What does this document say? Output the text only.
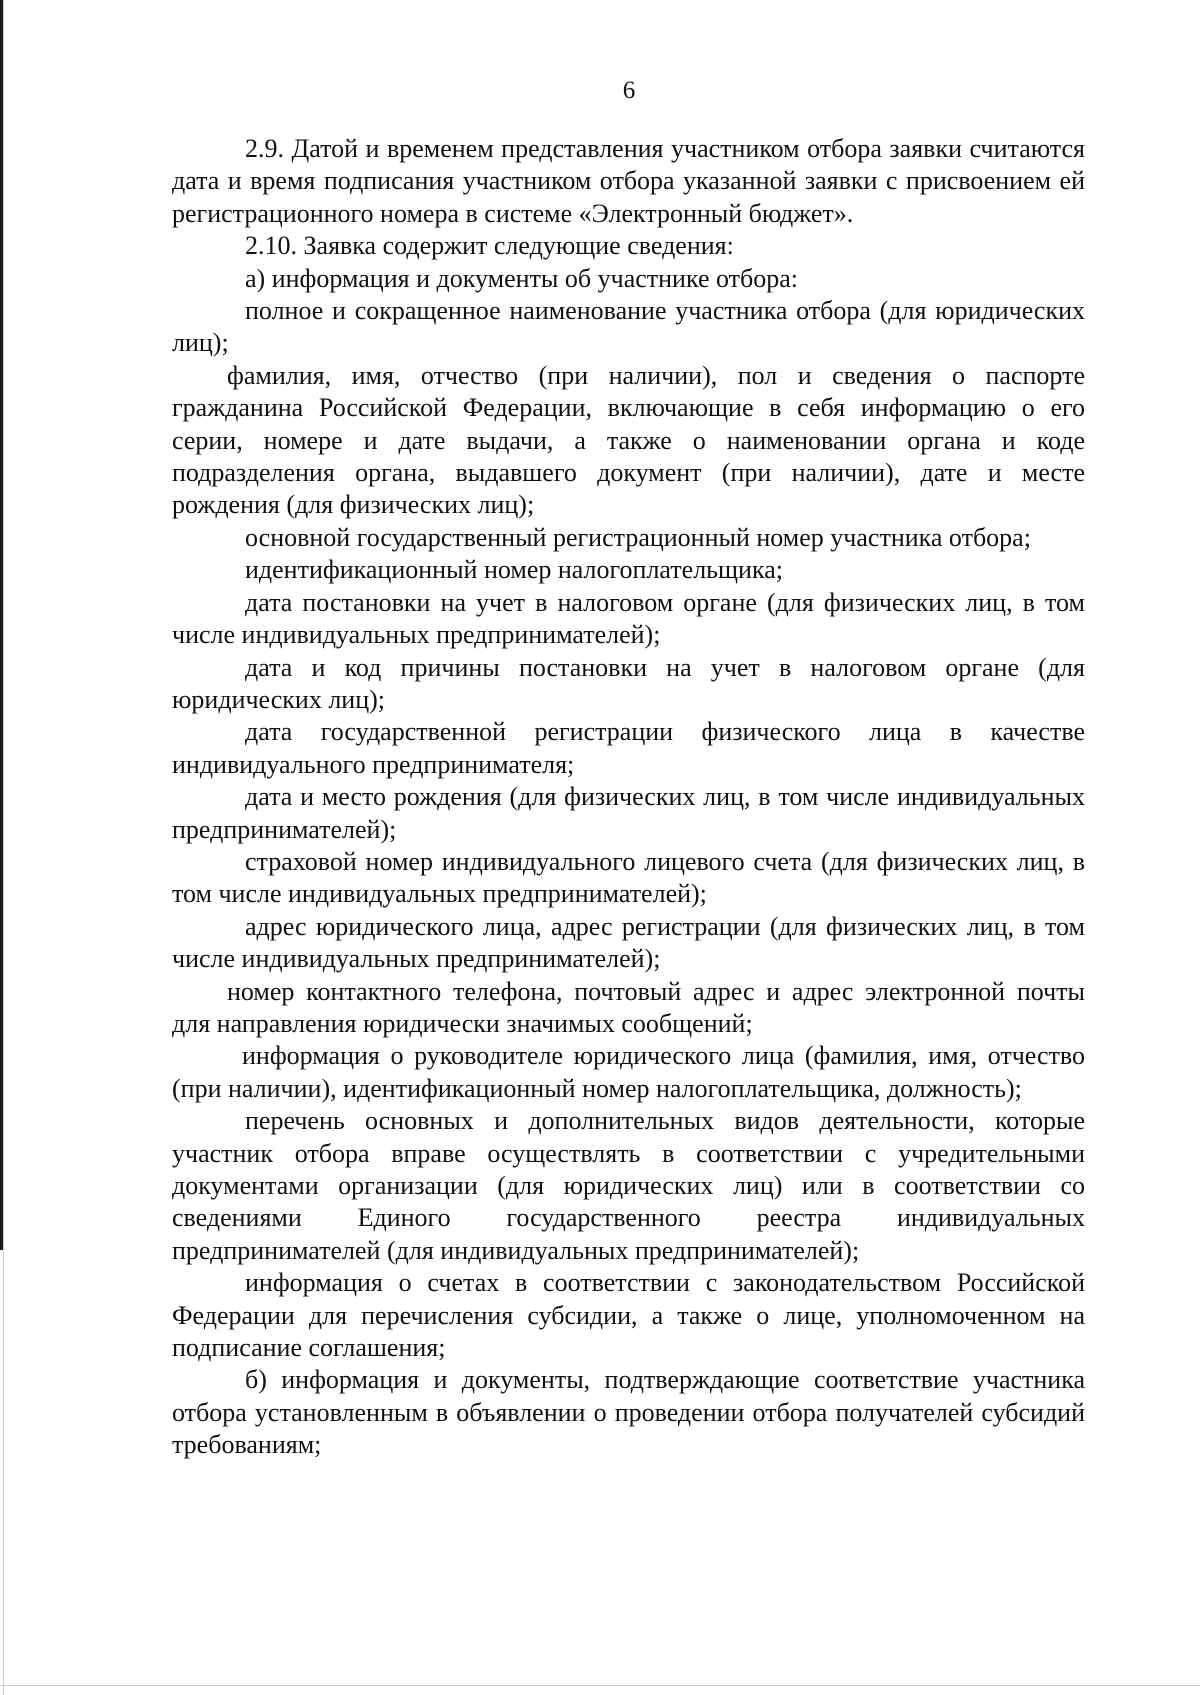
6

2.9. Датой и временем представления участником отбора заявки считаются дата и время подписания участником отбора указанной заявки с присвоением ей регистрационного номера в системе «Электронный бюджет».

2.10. Заявка содержит следующие сведения:

а) информация и документы об участнике отбора:

полное и сокращенное наименование участника отбора (для юридических лиц);

фамилия, имя, отчество (при наличии), пол и сведения о паспорте гражданина Российской Федерации, включающие в себя информацию о его серии, номере и дате выдачи, а также о наименовании органа и коде подразделения органа, выдавшего документ (при наличии), дате и месте рождения (для физических лиц);

основной государственный регистрационный номер участника отбора;

идентификационный номер налогоплательщика;

дата постановки на учет в налоговом органе (для физических лиц, в том числе индивидуальных предпринимателей);

дата и код причины постановки на учет в налоговом органе (для юридических лиц);

дата государственной регистрации физического лица в качестве индивидуального предпринимателя;

дата и место рождения (для физических лиц, в том числе индивидуальных предпринимателей);

страховой номер индивидуального лицевого счета (для физических лиц, в том числе индивидуальных предпринимателей);

адрес юридического лица, адрес регистрации (для физических лиц, в том числе индивидуальных предпринимателей);

номер контактного телефона, почтовый адрес и адрес электронной почты для направления юридически значимых сообщений;

информация о руководителе юридического лица (фамилия, имя, отчество (при наличии), идентификационный номер налогоплательщика, должность);

перечень основных и дополнительных видов деятельности, которые участник отбора вправе осуществлять в соответствии с учредительными документами организации (для юридических лиц) или в соответствии со сведениями Единого государственного реестра индивидуальных предпринимателей (для индивидуальных предпринимателей);

информация о счетах в соответствии с законодательством Российской Федерации для перечисления субсидии, а также о лице, уполномоченном на подписание соглашения;

б) информация и документы, подтверждающие соответствие участника отбора установленным в объявлении о проведении отбора получателей субсидий требованиям;
